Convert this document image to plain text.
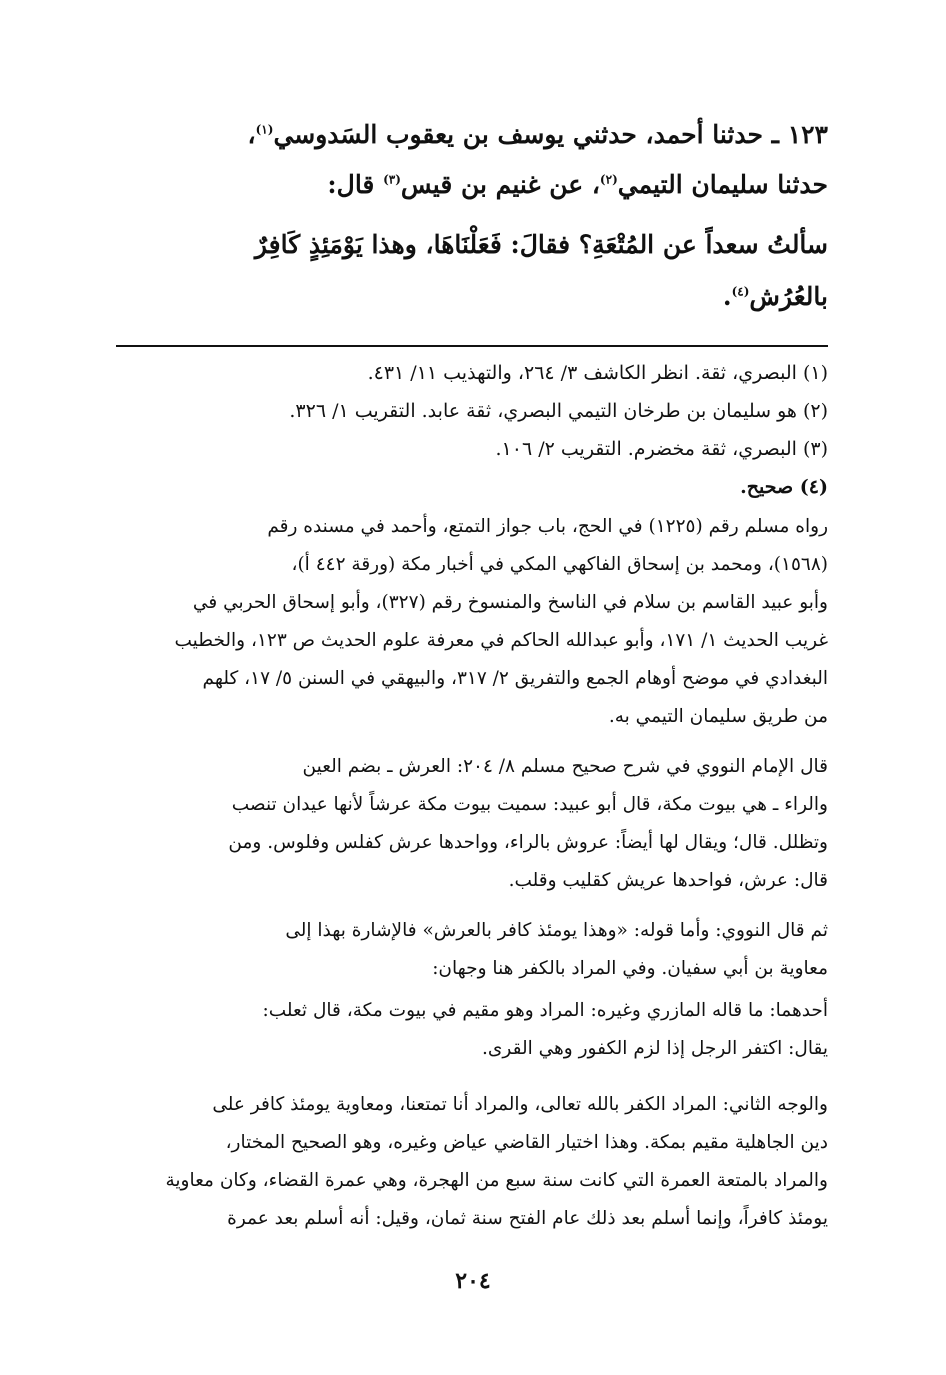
١٢٣ ـ حدثنا أحمد، حدثني يوسف بن يعقوب السَدوسي$^{(١)}$،
حدثنا سليمان التيمي$^{(٢)}$، عن غنيم بن قيس$^{(٣)}$ قال:
سألتُ سعداً عن المُتْعَةِ؟ فقالَ: فَعَلْنَاهَا، وهذا يَوْمَئِذٍ كَافِرٌ
بالعُرُش$^{(٤)}$.
(١) البصري، ثقة. انظر الكاشف ٣/ ٢٦٤، والتهذيب ١١/ ٤٣١.
(٢) هو سليمان بن طرخان التيمي البصري، ثقة عابد. التقريب ١/ ٣٢٦.
(٣) البصري، ثقة مخضرم. التقريب ٢/ ١٠٦.
(٤) صحيح.
رواه مسلم رقم (١٢٢٥) في الحج، باب جواز التمتع، وأحمد في مسنده رقم
(١٥٦٨)، ومحمد بن إسحاق الفاكهي المكي في أخبار مكة (ورقة ٤٤٢ أ)،
وأبو عبيد القاسم بن سلام في الناسخ والمنسوخ رقم (٣٢٧)، وأبو إسحاق الحربي في
غريب الحديث ١/ ١٧١، وأبو عبدالله الحاكم في معرفة علوم الحديث ص ١٢٣، والخطيب
البغدادي في موضح أوهام الجمع والتفريق ٢/ ٣١٧، والبيهقي في السنن ٥/ ١٧، كلهم
من طريق سليمان التيمي به.
قال الإمام النووي في شرح صحيح مسلم ٨/ ٢٠٤: العرش ـ بضم العين
والراء ـ هي بيوت مكة، قال أبو عبيد: سميت بيوت مكة عرشاً لأنها عيدان تنصب
وتظلل. قال؛ ويقال لها أيضاً: عروش بالراء، وواحدها عرش كفلس وفلوس. ومن
قال: عرش، فواحدها عريش كقليب وقلب.
ثم قال النووي: وأما قوله: «وهذا يومئذ كافر بالعرش» فالإشارة بهذا إلى
معاوية بن أبي سفيان. وفي المراد بالكفر هنا وجهان:
أحدهما: ما قاله المازري وغيره: المراد وهو مقيم في بيوت مكة، قال ثعلب:
يقال: اكتفر الرجل إذا لزم الكفور وهي القرى.
والوجه الثاني: المراد الكفر بالله تعالى، والمراد أنا تمتعنا، ومعاوية يومئذ كافر على
دين الجاهلية مقيم بمكة. وهذا اختيار القاضي عياض وغيره، وهو الصحيح المختار،
والمراد بالمتعة العمرة التي كانت سنة سبع من الهجرة، وهي عمرة القضاء، وكان معاوية
يومئذ كافراً، وإنما أسلم بعد ذلك عام الفتح سنة ثمان، وقيل: أنه أسلم بعد عمرة
٢٠٤
